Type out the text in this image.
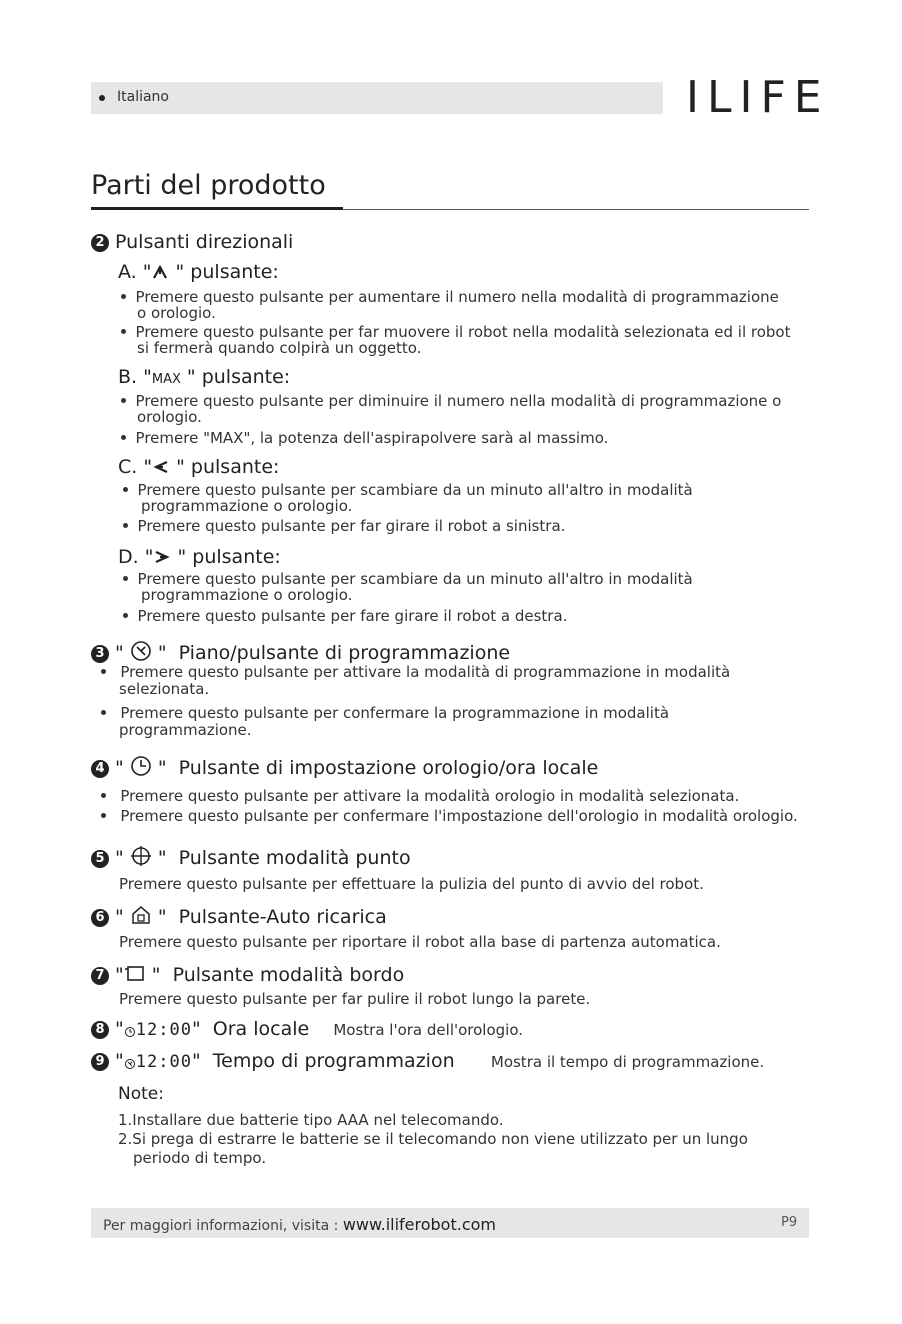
Italiano	ILIFE
Parti del prodotto
2 Pulsanti direzionali
A. " " pulsante:
Premere questo pulsante per aumentare il numero nella modalità di programmazione
o orologio.
Premere questo pulsante per far muovere il robot nella modalità selezionata ed il robot
si fermerà quando colpirà un oggetto.
B. "MAX " pulsante:
Premere questo pulsante per diminuire il numero nella modalità di programmazione o
orologio.
Premere "MAX", la potenza dell'aspirapolvere sarà al massimo.
C. " " pulsante:
Premere questo pulsante per scambiare da un minuto all'altro in modalità
programmazione o orologio.
Premere questo pulsante per far girare il robot a sinistra.
D. " " pulsante:
Premere questo pulsante per scambiare da un minuto all'altro in modalità
programmazione o orologio.
Premere questo pulsante per fare girare il robot a destra.
3 "  "  Piano/pulsante di programmazione
Premere questo pulsante per attivare la modalità di programmazione in modalità
selezionata.
Premere questo pulsante per confermare la programmazione in modalità
programmazione.
4 "  "  Pulsante di impostazione orologio/ora locale
Premere questo pulsante per attivare la modalità orologio in modalità selezionata.
Premere questo pulsante per confermare l'impostazione dell'orologio in modalità orologio.
5 "  "  Pulsante modalità punto
Premere questo pulsante per effettuare la pulizia del punto di avvio del robot.
6 "  "  Pulsante-Auto ricarica
Premere questo pulsante per riportare il robot alla base di partenza automatica.
7 " "  Pulsante modalità bordo
Premere questo pulsante per far pulire il robot lungo la parete.
8 " 12:00"  Ora locale Mostra l'ora dell'orologio.
9 " 12:00"  Tempo di programmazion Mostra il tempo di programmazione.
Note:
1.Installare due batterie tipo AAA nel telecomando.
2.Si prega di estrarre le batterie se il telecomando non viene utilizzato per un lungo
periodo di tempo.
Per maggiori informazioni, visita : www.iliferobot.com	P9
